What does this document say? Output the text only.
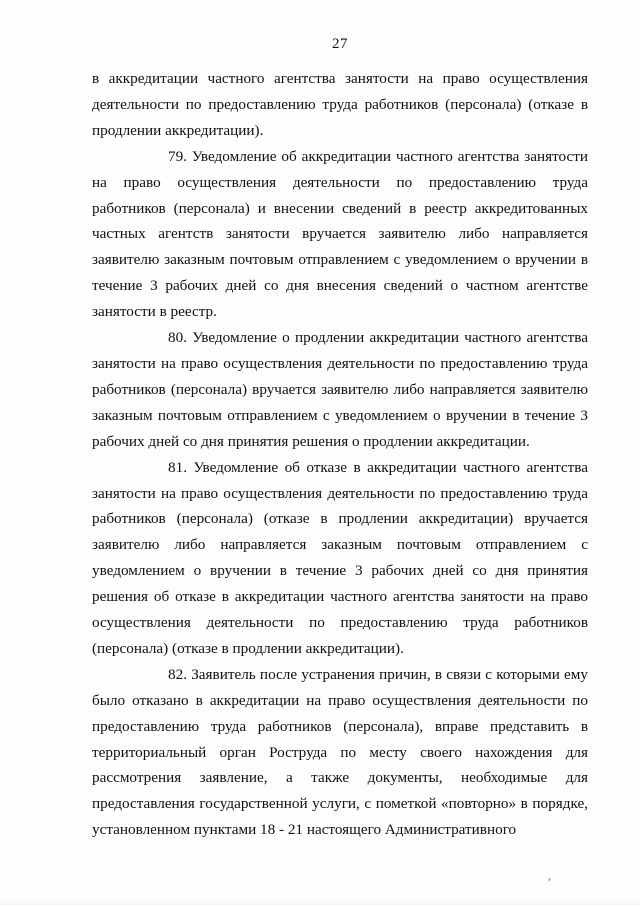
27

в аккредитации частного агентства занятости на право осуществления деятельности по предоставлению труда работников (персонала) (отказе в продлении аккредитации).

79. Уведомление об аккредитации частного агентства занятости на право осуществления деятельности по предоставлению труда работников (персонала) и внесении сведений в реестр аккредитованных частных агентств занятости вручается заявителю либо направляется заявителю заказным почтовым отправлением с уведомлением о вручении в течение 3 рабочих дней со дня внесения сведений о частном агентстве занятости в реестр.

80. Уведомление о продлении аккредитации частного агентства занятости на право осуществления деятельности по предоставлению труда работников (персонала) вручается заявителю либо направляется заявителю заказным почтовым отправлением с уведомлением о вручении в течение 3 рабочих дней со дня принятия решения о продлении аккредитации.

81. Уведомление об отказе в аккредитации частного агентства занятости на право осуществления деятельности по предоставлению труда работников (персонала) (отказе в продлении аккредитации) вручается заявителю либо направляется заказным почтовым отправлением с уведомлением о вручении в течение 3 рабочих дней со дня принятия решения об отказе в аккредитации частного агентства занятости на право осуществления деятельности по предоставлению труда работников (персонала) (отказе в продлении аккредитации).

82. Заявитель после устранения причин, в связи с которыми ему было отказано в аккредитации на право осуществления деятельности по предоставлению труда работников (персонала), вправе представить в территориальный орган Роструда по месту своего нахождения для рассмотрения заявление, а также документы, необходимые для предоставления государственной услуги, с пометкой «повторно» в порядке, установленном пунктами 18 - 21 настоящего Административного
